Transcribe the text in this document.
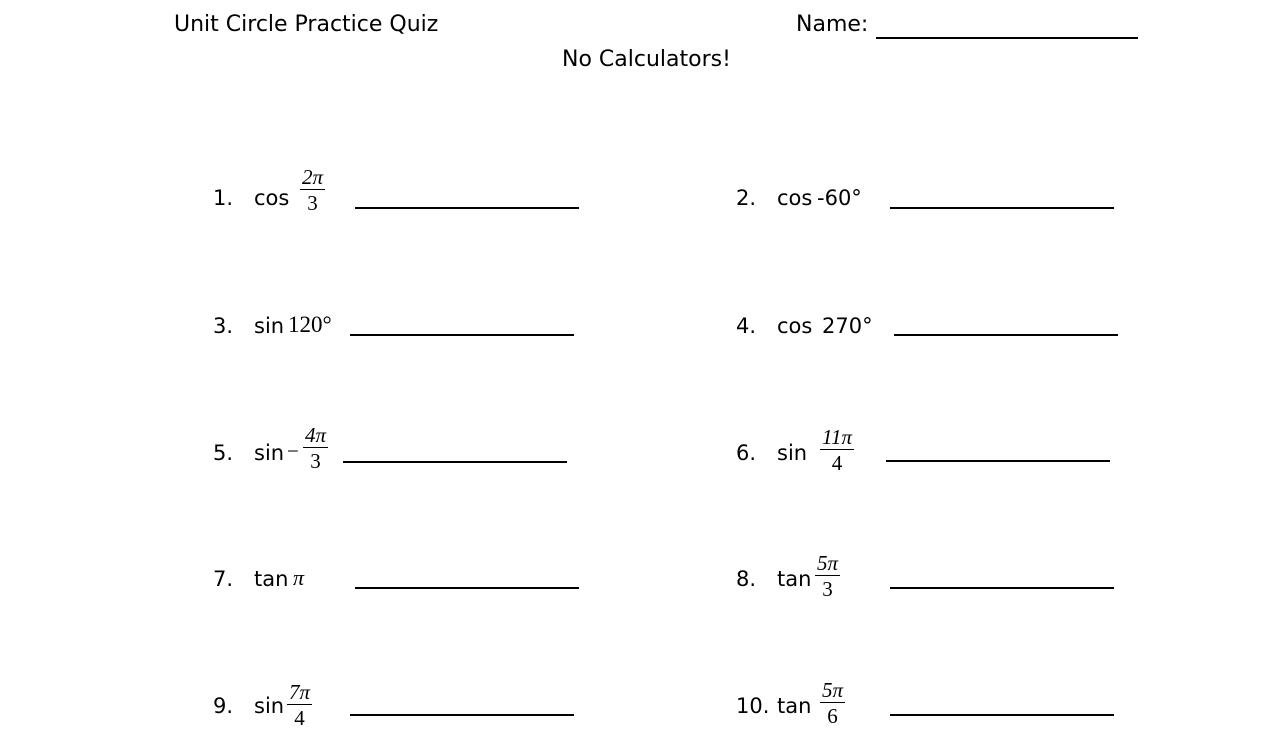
Unit Circle Practice Quiz	Name:
No Calculators!
1. cos
2π
3	2. cos -60°
3. sin 120°	4. cos 270°
5. sin −
4π
3	6. sin
11π
4
7. tan π	8. tan
5π
3
9. sin
7π
4	10. tan
5π
6
